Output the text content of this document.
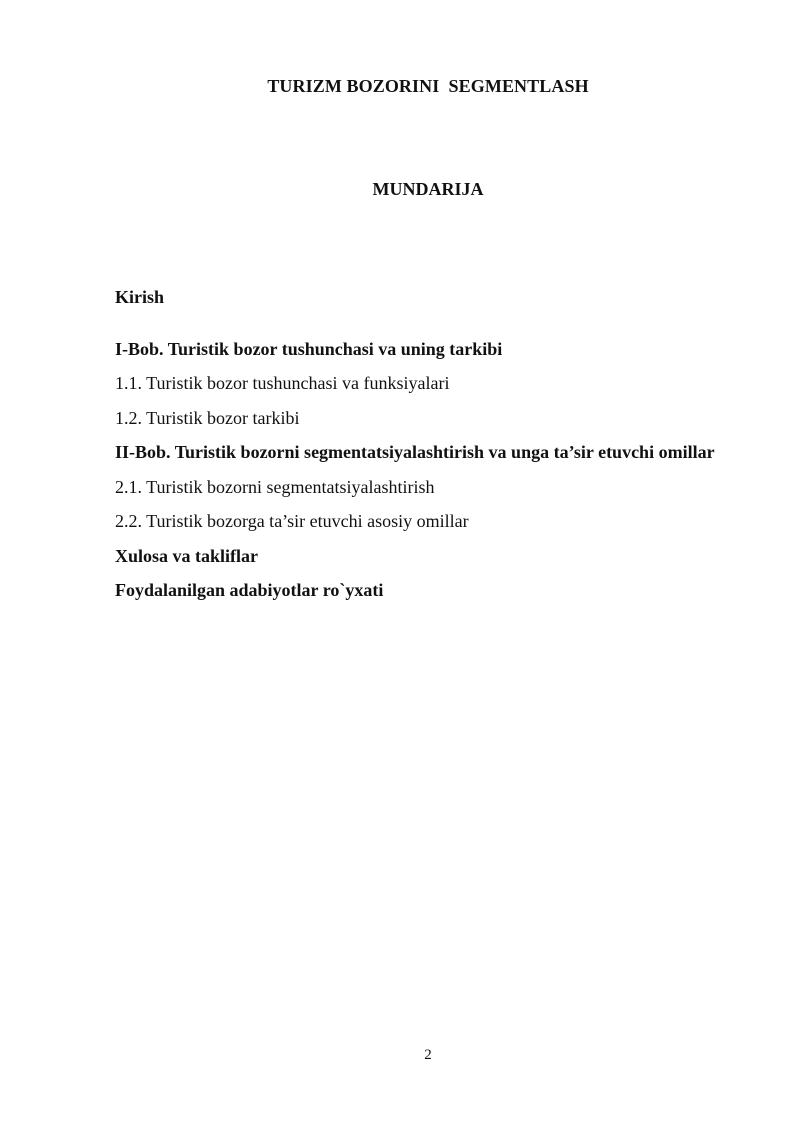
TURIZM BOZORINI  SEGMENTLASH
MUNDARIJA

Kirish

I-Bob. Turistik bozor tushunchasi va uning tarkibi

1.1. Turistik bozor tushunchasi va funksiyalari

1.2. Turistik bozor tarkibi

II-Bob. Turistik bozorni segmentatsiyalashtirish va unga ta’sir etuvchi omillar

2.1. Turistik bozorni segmentatsiyalashtirish

2.2. Turistik bozorga ta’sir etuvchi asosiy omillar

Xulosa va takliflar

Foydalanilgan adabiyotlar ro`yxati

2
